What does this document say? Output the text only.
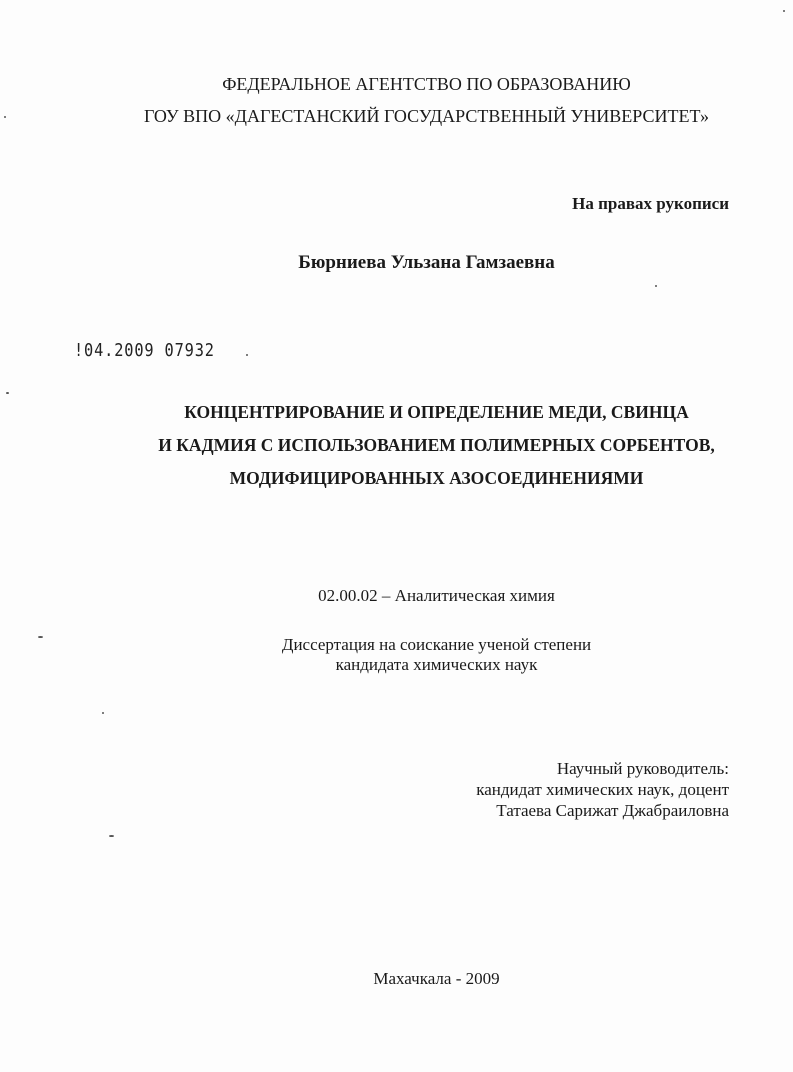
ФЕДЕРАЛЬНОЕ АГЕНТСТВО ПО ОБРАЗОВАНИЮ
ГОУ ВПО «ДАГЕСТАНСКИЙ ГОСУДАРСТВЕННЫЙ УНИВЕРСИТЕТ»
На правах рукописи
Бюрниева Ульзана Гамзаевна
!04.2009 07932
КОНЦЕНТРИРОВАНИЕ И ОПРЕДЕЛЕНИЕ МЕДИ, СВИНЦА
И КАДМИЯ С ИСПОЛЬЗОВАНИЕМ ПОЛИМЕРНЫХ СОРБЕНТОВ,
МОДИФИЦИРОВАННЫХ АЗОСОЕДИНЕНИЯМИ
02.00.02 – Аналитическая химия
Диссертация на соискание ученой степени
кандидата химических наук
Научный руководитель:
кандидат химических наук, доцент
Татаева Сарижат Джабраиловна
Махачкала - 2009
